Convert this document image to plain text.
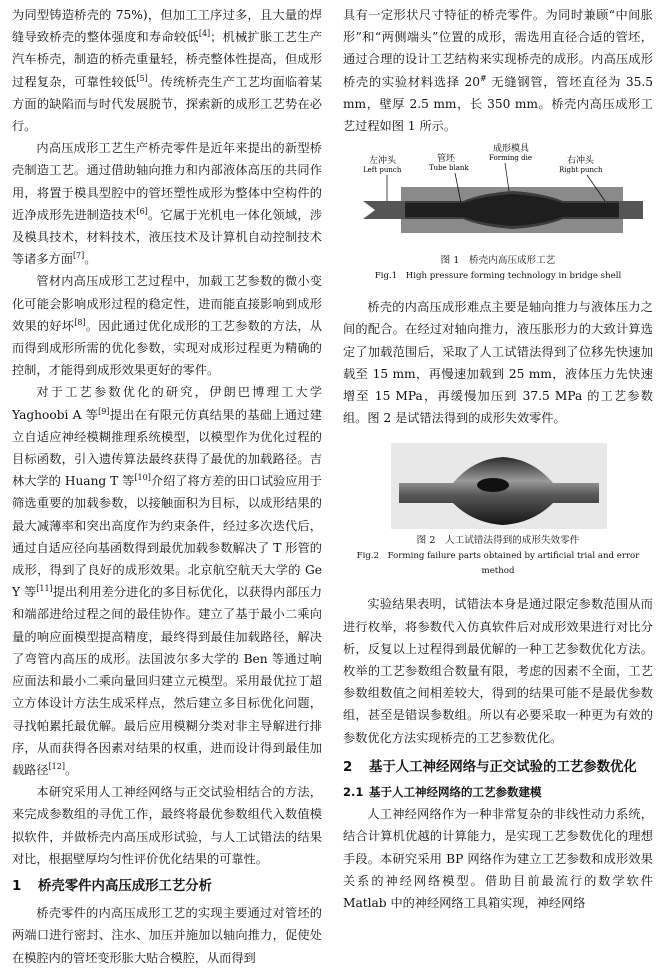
为同型铸造桥壳的 75%)，但加工工序过多，且大量的焊缝导致桥壳的整体强度和寿命较低[4]；机械扩胀工艺生产汽车桥壳，制造的桥壳重量轻，桥壳整体性提高，但成形过程复杂，可靠性较低[5]。传统桥壳生产工艺均面临着某方面的缺陷而与时代发展脱节，探索新的成形工艺势在必行。

内高压成形工艺生产桥壳零件是近年来提出的新型桥壳制造工艺。通过借助轴向推力和内部液体高压的共同作用，将置于模具型腔中的管坯塑性成形为整体中空构件的近净成形先进制造技术[6]。它属于光机电一体化领域，涉及模具技术，材料技术，液压技术及计算机自动控制技术等诸多方面[7]。

管材内高压成形工艺过程中，加载工艺参数的微小变化可能会影响成形过程的稳定性，进而能直接影响到成形效果的好坏[8]。因此通过优化成形的工艺参数的方法，从而得到成形所需的优化参数，实现对成形过程更为精确的控制，才能得到成形效果更好的零件。

对于工艺参数优化的研究，伊朗巴博理工大学 Yaghoobi A 等[9]提出在有限元仿真结果的基础上通过建立自适应神经模糊推理系统模型，以模型作为优化过程的目标函数，引入遗传算法最终获得了最优的加载路径。吉林大学的 Huang T 等[10]介绍了将方差的田口试验应用于筛选重要的加载参数，以接触面积为目标，以成形结果的最大减薄率和突出高度作为约束条件，经过多次迭代后，通过自适应径向基函数得到最优加载参数解决了 T 形管的成形，得到了良好的成形效果。北京航空航天大学的 Ge Y 等[11]提出利用差分进化的多目标优化，以获得内部压力和端部进给过程之间的最佳协作。建立了基于最小二乘向量的响应面模型提高精度，最终得到最佳加载路径，解决了弯管内高压的成形。法国波尔多大学的 Ben 等通过响应面法和最小二乘向量回归建立元模型。采用最优拉丁超立方体设计方法生成采样点，然后建立多目标优化问题，寻找帕累托最优解。最后应用模糊分类对非主导解进行排序，从而获得各因素对结果的权重，进而设计得到最佳加载路径[12]。

本研究采用人工神经网络与正交试验相结合的方法，来完成参数组的寻优工作，最终将最优参数组代入数值模拟软件，并做桥壳内高压成形试验，与人工试错法的结果对比，根据壁厚均匀性评价优化结果的可靠性。

1 桥壳零件内高压成形工艺分析

桥壳零件的内高压成形工艺的实现主要通过对管坯的两端口进行密封、注水、加压并施加以轴向推力，促使处在模腔内的管坯变形胀大贴合模腔，从而得到

具有一定形状尺寸特征的桥壳零件。为同时兼顾“中间胀形”和“两侧端头”位置的成形，需选用直径合适的管坯，通过合理的设计工艺结构来实现桥壳的成形。内高压成形桥壳的实验材料选择 20# 无缝钢管，管坯直径为 35.5 mm，壁厚 2.5 mm，长 350 mm。桥壳内高压成形工艺过程如图 1 所示。

左冲头
Left punch
管坯
Tube blank
成形模具
Forming die	右冲头
Right punch
图 1　桥壳内高压成形工艺
Fig.1　High pressure forming technology in bridge shell

桥壳的内高压成形难点主要是轴向推力与液体压力之间的配合。在经过对轴向推力，液压胀形力的大致计算选定了加载范围后，采取了人工试错法得到了位移先快速加载至 15 mm，再慢速加载到 25 mm，液体压力先快速增至 15 MPa，再缓慢加压到 37.5 MPa 的工艺参数组。图 2 是试错法得到的成形失效零件。

图 2　人工试错法得到的成形失效零件
Fig.2　Forming failure parts obtained by artificial trial and error method

实验结果表明，试错法本身是通过限定参数范围从而进行枚举，将参数代入仿真软件后对成形效果进行对比分析，反复以上过程得到最优解的一种工艺参数优化方法。枚举的工艺参数组合数量有限，考虑的因素不全面，工艺参数组数值之间相差较大，得到的结果可能不是最优参数组，甚至是错误参数组。所以有必要采取一种更为有效的参数优化方法实现桥壳的工艺参数优化。

2 基于人工神经网络与正交试验的工艺参数优化
2.1 基于人工神经网络的工艺参数建模

人工神经网络作为一种非常复杂的非线性动力系统，结合计算机优越的计算能力，是实现工艺参数优化的理想手段。本研究采用 BP 网络作为建立工艺参数和成形效果关系的神经网络模型。借助目前最流行的数学软件 Matlab 中的神经网络工具箱实现，神经网络
